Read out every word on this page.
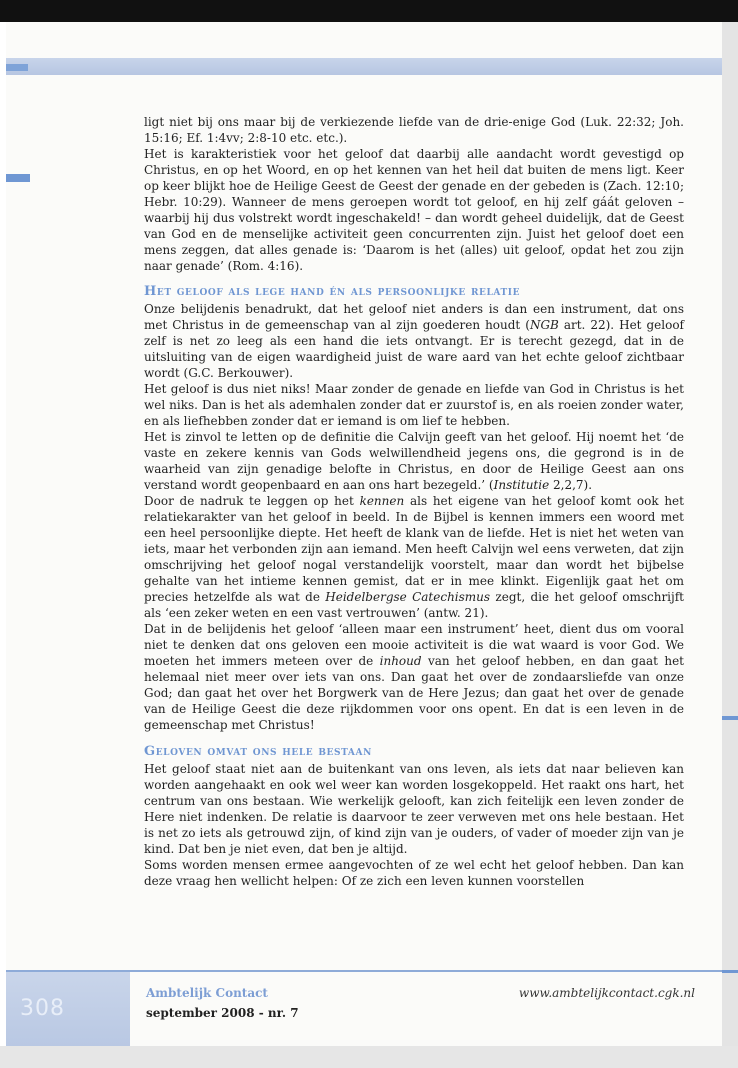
ligt niet bij ons maar bij de verkiezende liefde van de drie-enige God (Luk. 22:32; Joh. 15:16; Ef. 1:4vv; 2:8-10 etc. etc.).

Het is karakteristiek voor het geloof dat daarbij alle aandacht wordt gevestigd op Christus, en op het Woord, en op het kennen van het heil dat buiten de mens ligt. Keer op keer blijkt hoe de Heilige Geest de Geest der genade en der gebeden is (Zach. 12:10; Hebr. 10:29). Wanneer de mens geroepen wordt tot geloof, en hij zelf gáát geloven – waarbij hij dus volstrekt wordt ingeschakeld! – dan wordt geheel duidelijk, dat de Geest van God en de menselijke activiteit geen concurrenten zijn. Juist het geloof doet een mens zeggen, dat alles genade is: ‘Daarom is het (alles) uit geloof, opdat het zou zijn naar genade’ (Rom. 4:16).

Het geloof als lege hand én als persoonlijke relatie

Onze belijdenis benadrukt, dat het geloof niet anders is dan een instrument, dat ons met Christus in de gemeenschap van al zijn goederen houdt (NGB art. 22). Het geloof zelf is net zo leeg als een hand die iets ontvangt. Er is terecht gezegd, dat in de uitsluiting van de eigen waardigheid juist de ware aard van het echte geloof zichtbaar wordt (G.C. Berkouwer).

Het geloof is dus niet niks! Maar zonder de genade en liefde van God in Christus is het wel niks. Dan is het als ademhalen zonder dat er zuurstof is, en als roeien zonder water, en als liefhebben zonder dat er iemand is om lief te hebben.

Het is zinvol te letten op de definitie die Calvijn geeft van het geloof. Hij noemt het ‘de vaste en zekere kennis van Gods welwillendheid jegens ons, die gegrond is in de waarheid van zijn genadige belofte in Christus, en door de Heilige Geest aan ons verstand wordt geopenbaard en aan ons hart bezegeld.’ (Institutie 2,2,7).

Door de nadruk te leggen op het kennen als het eigene van het geloof komt ook het relatiekarakter van het geloof in beeld. In de Bijbel is kennen immers een woord met een heel persoonlijke diepte. Het heeft de klank van de liefde. Het is niet het weten van iets, maar het verbonden zijn aan iemand. Men heeft Calvijn wel eens verweten, dat zijn omschrijving het geloof nogal verstandelijk voorstelt, maar dan wordt het bijbelse gehalte van het intieme kennen gemist, dat er in mee klinkt. Eigenlijk gaat het om precies hetzelfde als wat de Heidelbergse Catechismus zegt, die het geloof omschrijft als ‘een zeker weten en een vast vertrouwen’ (antw. 21).

Dat in de belijdenis het geloof ‘alleen maar een instrument’ heet, dient dus om vooral niet te denken dat ons geloven een mooie activiteit is die wat waard is voor God. We moeten het immers meteen over de inhoud van het geloof hebben, en dan gaat het helemaal niet meer over iets van ons. Dan gaat het over de zondaarsliefde van onze God; dan gaat het over het Borgwerk van de Here Jezus; dan gaat het over de genade van de Heilige Geest die deze rijkdommen voor ons opent. En dat is een leven in de gemeenschap met Christus!

Geloven omvat ons hele bestaan

Het geloof staat niet aan de buitenkant van ons leven, als iets dat naar believen kan worden aangehaakt en ook wel weer kan worden losgekoppeld. Het raakt ons hart, het centrum van ons bestaan. Wie werkelijk gelooft, kan zich feitelijk een leven zonder de Here niet indenken. De relatie is daarvoor te zeer verweven met ons hele bestaan. Het is net zo iets als getrouwd zijn, of kind zijn van je ouders, of vader of moeder zijn van je kind. Dat ben je niet even, dat ben je altijd.

Soms worden mensen ermee aangevochten of ze wel echt het geloof hebben. Dan kan deze vraag hen wellicht helpen: Of ze zich een leven kunnen voorstellen

308
Ambtelijk Contact
september 2008 - nr. 7
www.ambtelijkcontact.cgk.nl
